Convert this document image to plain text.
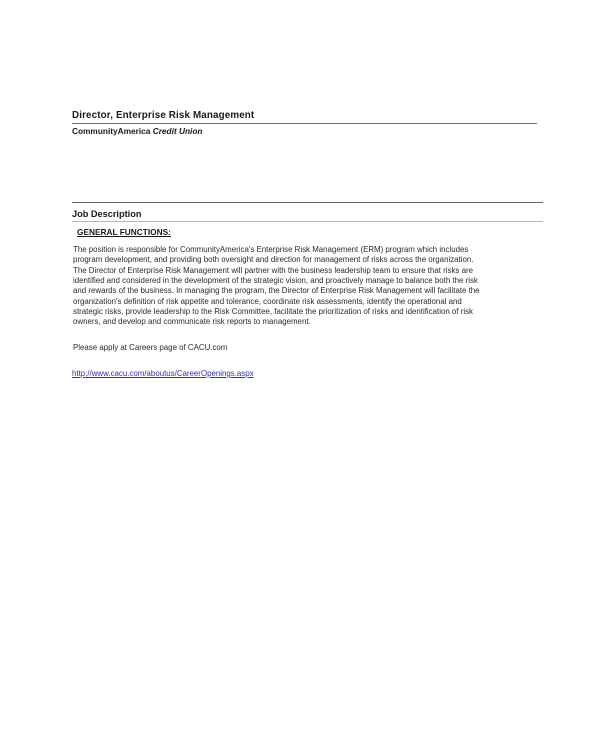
Director, Enterprise Risk Management
CommunityAmerica Credit Union
Job Description
GENERAL FUNCTIONS:
The position is responsible for CommunityAmerica's Enterprise Risk Management (ERM) program which includes
program development, and providing both oversight and direction for management of risks across the organization.
The Director of Enterprise Risk Management will partner with the business leadership team to ensure that risks are
identified and considered in the development of the strategic vision, and proactively manage to balance both the risk
and rewards of the business. In managing the program, the Director of Enterprise Risk Management will facilitate the
organization's definition of risk appetite and tolerance, coordinate risk assessments, identify the operational and
strategic risks, provide leadership to the Risk Committee, facilitate the prioritization of risks and identification of risk
owners, and develop and communicate risk reports to management.
Please apply at Careers page of CACU.com
http://www.cacu.com/aboutus/CareerOpenings.aspx
